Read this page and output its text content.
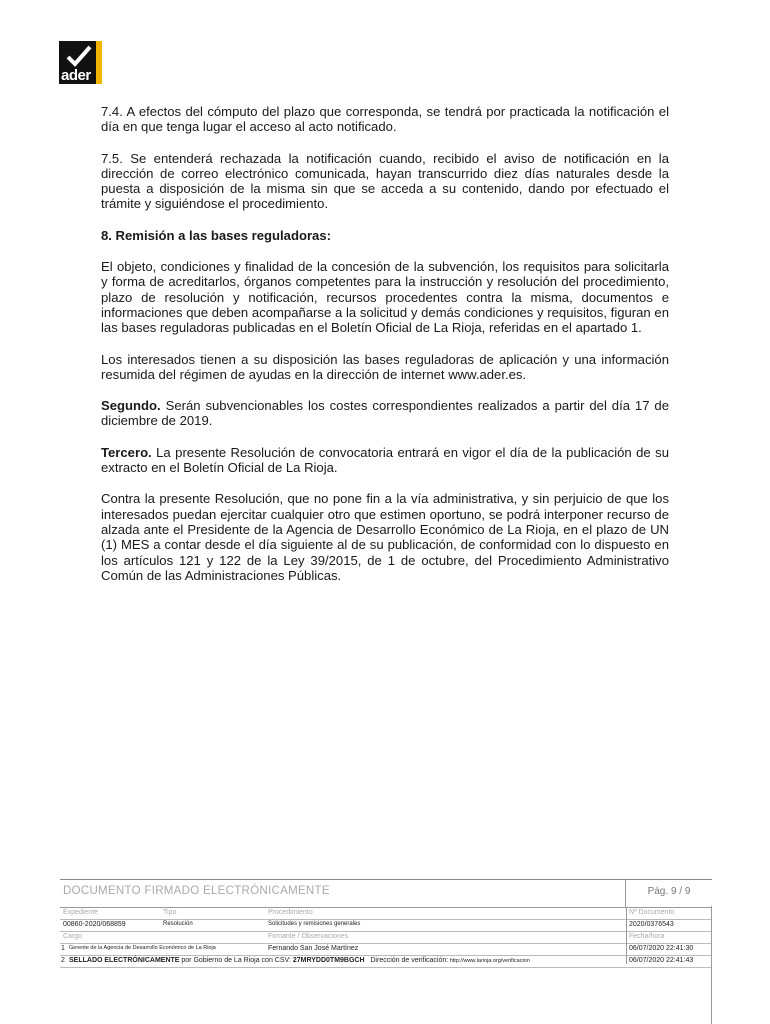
ader

7.4. A efectos del cómputo del plazo que corresponda, se tendrá por practicada la notificación el día en que tenga lugar el acceso al acto notificado.

7.5. Se entenderá rechazada la notificación cuando, recibido el aviso de notificación en la dirección de correo electrónico comunicada, hayan transcurrido diez días naturales desde la puesta a disposición de la misma sin que se acceda a su contenido, dando por efectuado el trámite y siguiéndose el procedimiento.

8. Remisión a las bases reguladoras:

El objeto, condiciones y finalidad de la concesión de la subvención, los requisitos para solicitarla y forma de acreditarlos, órganos competentes para la instrucción y resolución del procedimiento, plazo de resolución y notificación, recursos procedentes contra la misma, documentos e informaciones que deben acompañarse a la solicitud y demás condiciones y requisitos, figuran en las bases reguladoras publicadas en el Boletín Oficial de La Rioja, referidas en el apartado 1.

Los interesados tienen a su disposición las bases reguladoras de aplicación y una información resumida del régimen de ayudas en la dirección de internet www.ader.es.

Segundo. Serán subvencionables los costes correspondientes realizados a partir del día 17 de diciembre de 2019.

Tercero. La presente Resolución de convocatoria entrará en vigor el día de la publicación de su extracto en el Boletín Oficial de La Rioja.

Contra la presente Resolución, que no pone fin a la vía administrativa, y sin perjuicio de que los interesados puedan ejercitar cualquier otro que estimen oportuno, se podrá interponer recurso de alzada ante el Presidente de la Agencia de Desarrollo Económico de La Rioja, en el plazo de UN (1) MES a contar desde el día siguiente al de su publicación, de conformidad con lo dispuesto en los artículos 121 y 122 de la Ley 39/2015, de 1 de octubre, del Procedimiento Administrativo Común de las Administraciones Públicas.

DOCUMENTO FIRMADO ELECTRÓNICAMENTE	Pág. 9 / 9
Expediente	Tipo	Procedimiento	Nº Documento
00860-2020/068859	Resolución	Solicitudes y remisiones generales	2020/0376543
Cargo	Firmante / Observaciones	Fecha/hora
1 Gerente de la Agencia de Desarrollo Económico de La Rioja	Fernando San José Martínez	06/07/2020 22:41:30
2 SELLADO ELECTRÓNICAMENTE por Gobierno de La Rioja con CSV: 27MRYDD0TM9BGCH Dirección de verificación: http://www.larioja.org/verificacion	06/07/2020 22:41:43
